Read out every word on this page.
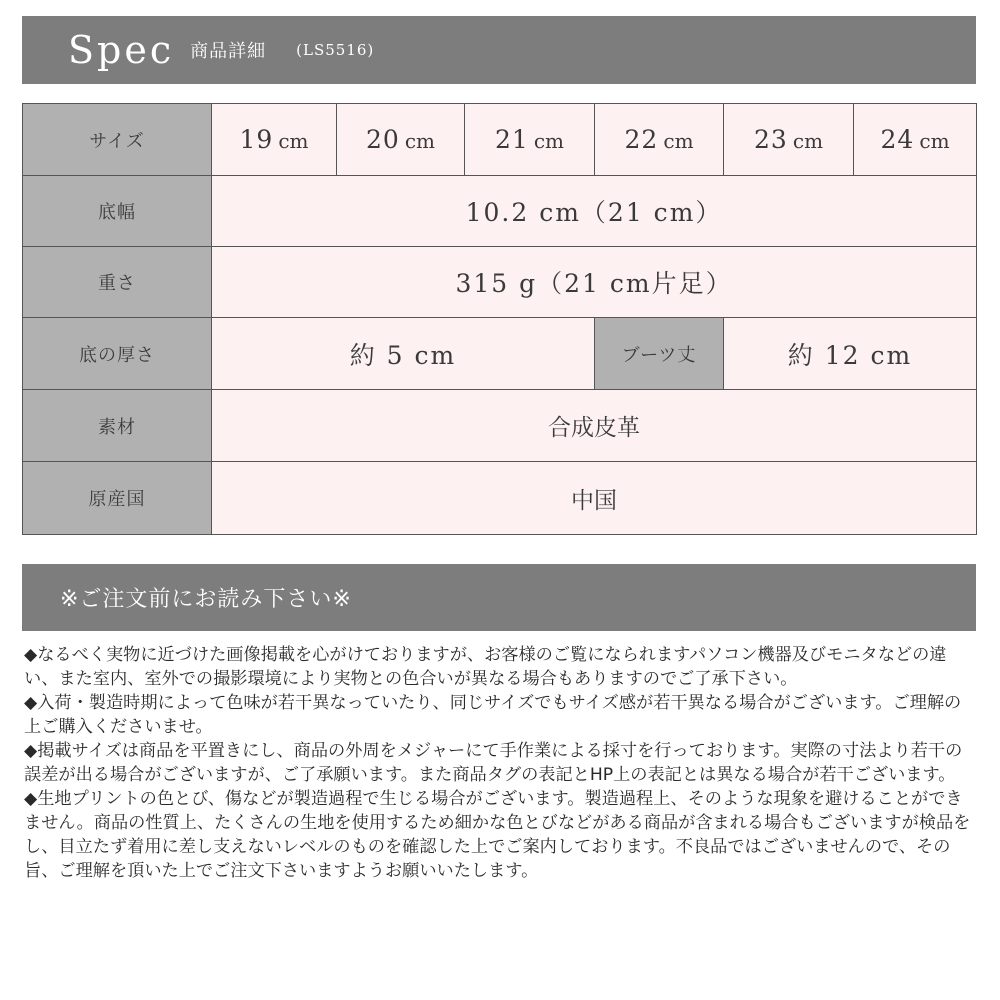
Spec 商品詳細 (LS5516)
サイズ	19 cm	20 cm	21 cm	22 cm	23 cm	24 cm
底幅	10.2 cm（21 cm）					
重さ	315 g（21 cm片足）					
底の厚さ	約 5 cm			ブーツ丈	約 12 cm	
素材	合成皮革					
原産国	中国					
※ご注文前にお読み下さい※

◆なるべく実物に近づけた画像掲載を心がけておりますが、お客様のご覧になられますパソコン機器及びモニタなどの違い、また室内、室外での撮影環境により実物との色合いが異なる場合もありますのでご了承下さい。

◆入荷・製造時期によって色味が若干異なっていたり、同じサイズでもサイズ感が若干異なる場合がございます。ご理解の上ご購入くださいませ。

◆掲載サイズは商品を平置きにし、商品の外周をメジャーにて手作業による採寸を行っております。実際の寸法より若干の誤差が出る場合がございますが、ご了承願います。また商品タグの表記とHP上の表記とは異なる場合が若干ございます。

◆生地プリントの色とび、傷などが製造過程で生じる場合がございます。製造過程上、そのような現象を避けることができません。商品の性質上、たくさんの生地を使用するため細かな色とびなどがある商品が含まれる場合もございますが検品をし、目立たず着用に差し支えないレベルのものを確認した上でご案内しております。不良品ではございませんので、その旨、ご理解を頂いた上でご注文下さいますようお願いいたします。
